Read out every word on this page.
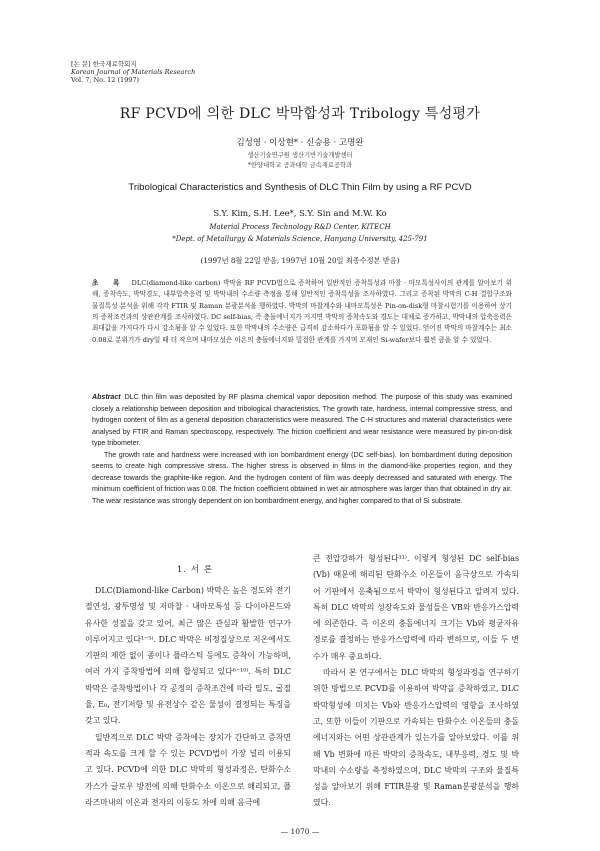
[논 문] 한국재료학회지
Korean Journal of Materials Research
Vol. 7, No. 12 (1997)
RF PCVD에 의한 DLC 박막합성과 Tribology 특성평가
김성영 · 이상현* · 신승용 · 고명완
생산기술연구원 생산기반기술개발센터
*한양대학교 공과대학 금속재료공학과
Tribological Characteristics and Synthesis of DLC Thin Film by using a RF PCVD
S.Y. Kim, S.H. Lee*, S.Y. Sin and M.W. Ko
Material Process Technology R&D Center, KITECH
*Dept. of Metallurgy & Materials Science, Hanyang University, 425-791
(1997년 8월 22일 받음, 1997년 10월 20일 최종수정본 받음)
초 록 DLC(diamond-like carbon) 박막을 RF PCVD법으로 증착하여 일반적인 증착특성과 마찰 · 마모특성사이의 관계를 알아보기 위해, 증착속도, 박막경도, 내부압축응력 및 박막내의 수소량 측정을 통해 일반적인 증착특성을 조사하였다. 그리고 증착된 박막의 C-H 결합구조와 물질특성 분석을 위해 각각 FTIR 및 Raman 분광분석을 행하였다. 박막의 마찰계수와 내마모특성은 Pin-on-disk형 마찰시험기를 이용하여 상기의 증착조건과의 상관관계를 조사하였다. DC self-bias, 즉 충돌에너지가 커지면 박막의 증착속도와 경도는 대체로 증가하고, 박막내의 압축응력은 최대값을 가지다가 다시 감소됨을 알 수 있었다. 또한 박막내의 수소량은 급격히 감소하다가 포화됨을 알 수 있었다. 얻어진 박막의 마찰계수는 최소 0.08로 분위기가 dry일 때 더 작으며 내마모성은 이온의 충돌에너지와 밀접한 관계를 가지며 모재인 Si-wafer보다 훨씬 큼을 알 수 있었다.

Abstract DLC thin film was deposited by RF plasma chemical vapor deposition method. The purpose of this study was examined closely a relationship between deposition and tribological characteristics. The growth rate, hardness, internal compressive stress, and hydrogen content of film as a general deposition characteristics were measured. The C-H structures and material characteristics were analysed by FTIR and Raman spectroscopy, respectively. The friction coefficient and wear resistance were measured by pin-on-disk type tribometer.

The growth rate and hardness were increased with ion bombardment energy (DC self-bias). Ion bombardment during deposition seems to create high compressive stress. The higher stress is observed in films in the diamond-like properties region, and they decrease towards the graphite-like region. And the hydrogen content of film was deeply decreased and saturated with energy. The minimum coefficient of friction was 0.08. The friction coefficient obtained in wet air atmosphere was larger than that obtained in dry air. The wear resistance was strongly dependent on ion bombardment energy, and higher compared to that of Si substrate.

1. 서 론

DLC(Diamond-like Carbon) 박막은 높은 경도와 전기절연성, 광투명성 및 저마찰 · 내마모특성 등 다이아몬드와 유사한 성질을 갖고 있어, 최근 많은 관심과 활발한 연구가 이루어지고 있다¹⁻⁵⁾. DLC 박막은 비정질상으로 저온에서도 기판의 제한 없이 종이나 플라스틱 등에도 증착이 가능하며, 여러 가지 증착방법에 의해 합성되고 있다⁶⁻¹⁰⁾. 특히 DLC 박막은 증착방법이나 각 공정의 증착조건에 따라 밀도, 굴절율, E₀, 전기저항 및 유전상수 같은 물성이 결정되는 특징을 갖고 있다.

일반적으로 DLC 박막 증착에는 장치가 간단하고 증착면적과 속도를 크게 할 수 있는 PCVD법이 가장 널리 이용되고 있다. PCVD에 의한 DLC 박막의 형성과정은, 탄화수소 가스가 글로우 방전에 의해 탄화수소 이온으로 해리되고, 플라즈마내의 이온과 전자의 이동도 차에 의해 음극에

큰 전압강하가 형성된다¹¹⁾. 이렇게 형성된 DC self-bias (Vb) 때문에 해리된 탄화수소 이온들이 음극상으로 가속되어 기판에서 응축됨으로서 박막이 형성된다고 알려져 있다. 특히 DLC 박막의 성장속도와 물성들은 VB와 반응가스압력에 의존한다. 즉 이온의 충돌에너지 크기는 Vb와 평균자유경로를 결정하는 반응가스압력에 따라 변하므로, 이들 두 변수가 매우 중요하다.

따라서 본 연구에서는 DLC 박막의 형성과정을 연구하기 위한 방법으로 PCVD를 이용하여 박막을 증착하였고, DLC 박막형성에 미치는 Vb와 반응가스압력의 영향을 조사하였고, 또한 이들이 기판으로 가속되는 탄화수소 이온들의 충돌에너지와는 어떤 상관관계가 있는가를 알아보았다. 이를 위해 Vb 변화에 따른 박막의 증착속도, 내부응력, 경도 및 박막내의 수소량을 측정하였으며, DLC 박막의 구조와 물질특성을 알아보기 위해 FTIR분광 및 Raman분광분석을 행하였다.

— 1070 —
